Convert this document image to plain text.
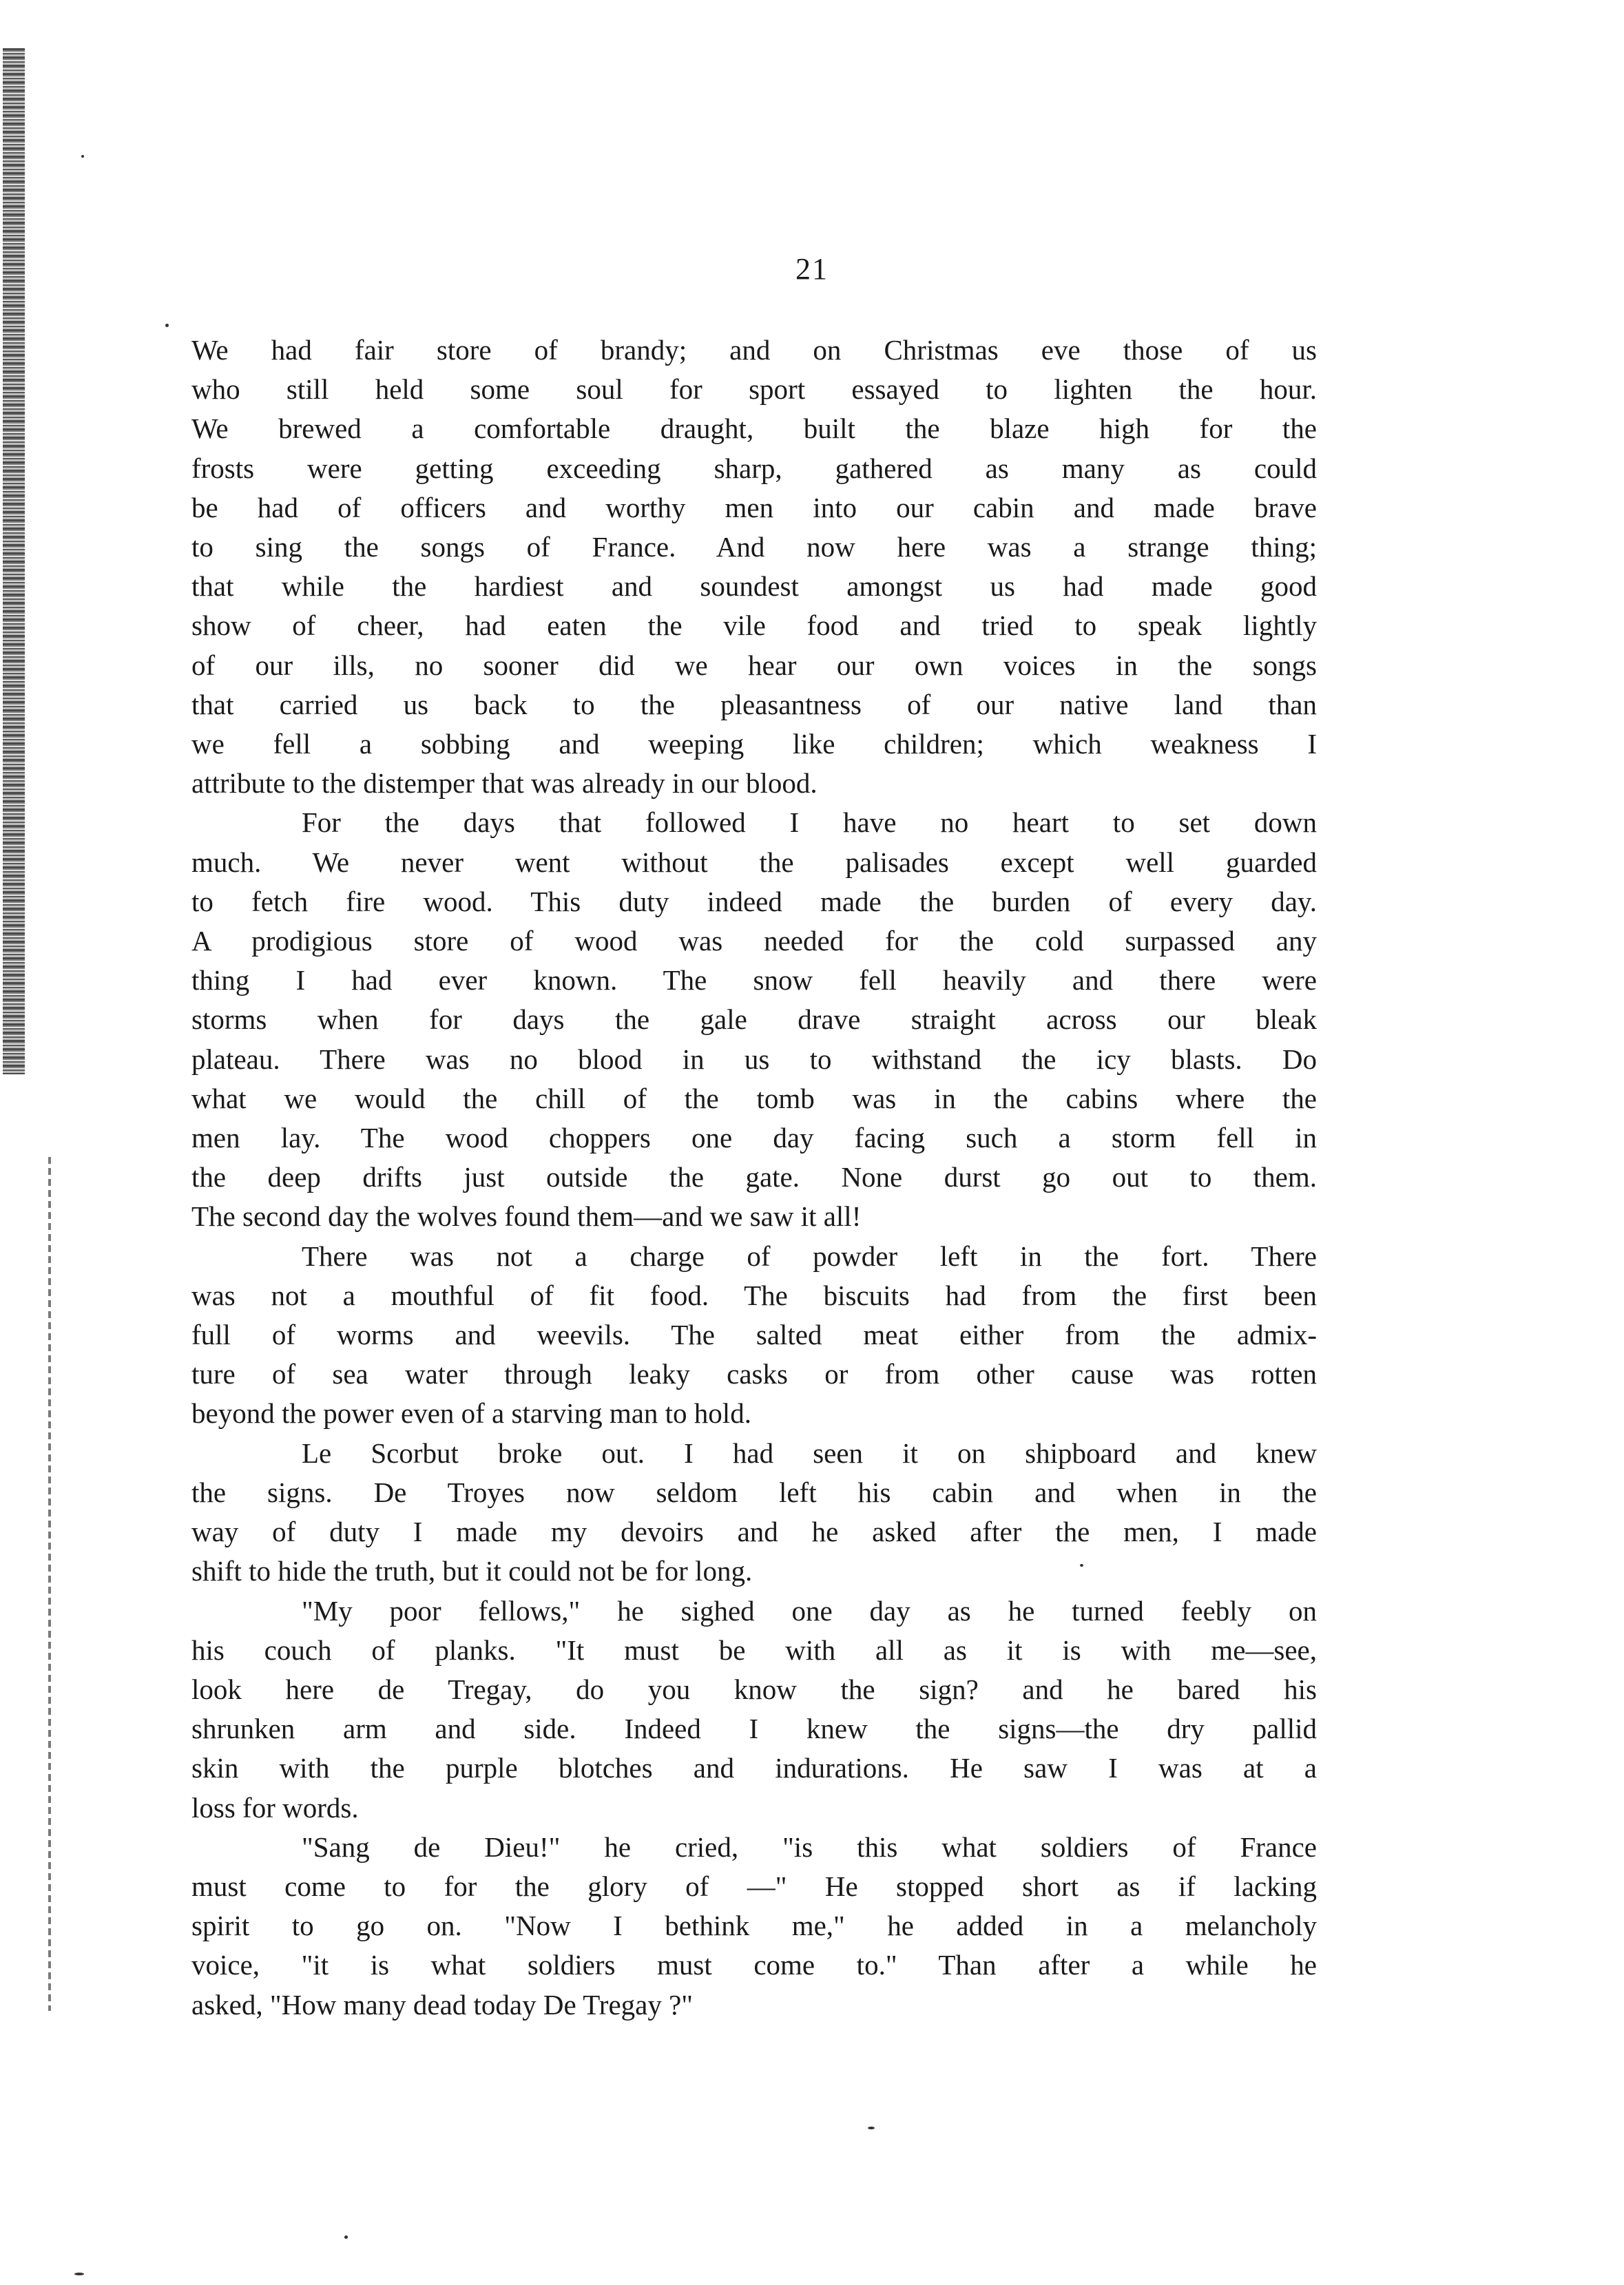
21
We had fair store of brandy; and on Christmas eve those of us
who still held some soul for sport essayed to lighten the hour.
We brewed a comfortable draught, built the blaze high for the
frosts were getting exceeding sharp, gathered as many as could
be had of officers and worthy men into our cabin and made brave
to sing the songs of France. And now here was a strange thing;
that while the hardiest and soundest amongst us had made good
show of cheer, had eaten the vile food and tried to speak lightly
of our ills, no sooner did we hear our own voices in the songs
that carried us back to the pleasantness of our native land than
we fell a sobbing and weeping like children; which weakness I
attribute to the distemper that was already in our blood.
For the days that followed I have no heart to set down
much. We never went without the palisades except well guarded
to fetch fire wood. This duty indeed made the burden of every day.
A prodigious store of wood was needed for the cold surpassed any
thing I had ever known. The snow fell heavily and there were
storms when for days the gale drave straight across our bleak
plateau. There was no blood in us to withstand the icy blasts. Do
what we would the chill of the tomb was in the cabins where the
men lay. The wood choppers one day facing such a storm fell in
the deep drifts just outside the gate. None durst go out to them.
The second day the wolves found them—and we saw it all!
There was not a charge of powder left in the fort. There
was not a mouthful of fit food. The biscuits had from the first been
full of worms and weevils. The salted meat either from the admix-
ture of sea water through leaky casks or from other cause was rotten
beyond the power even of a starving man to hold.
Le Scorbut broke out. I had seen it on shipboard and knew
the signs. De Troyes now seldom left his cabin and when in the
way of duty I made my devoirs and he asked after the men, I made
shift to hide the truth, but it could not be for long.
"My poor fellows," he sighed one day as he turned feebly on
his couch of planks. "It must be with all as it is with me—see,
look here de Tregay, do you know the sign? and he bared his
shrunken arm and side. Indeed I knew the signs—the dry pallid
skin with the purple blotches and indurations. He saw I was at a
loss for words.
"Sang de Dieu!" he cried, "is this what soldiers of France
must come to for the glory of —" He stopped short as if lacking
spirit to go on. "Now I bethink me," he added in a melancholy
voice, "it is what soldiers must come to." Than after a while he
asked, "How many dead today De Tregay ?"
